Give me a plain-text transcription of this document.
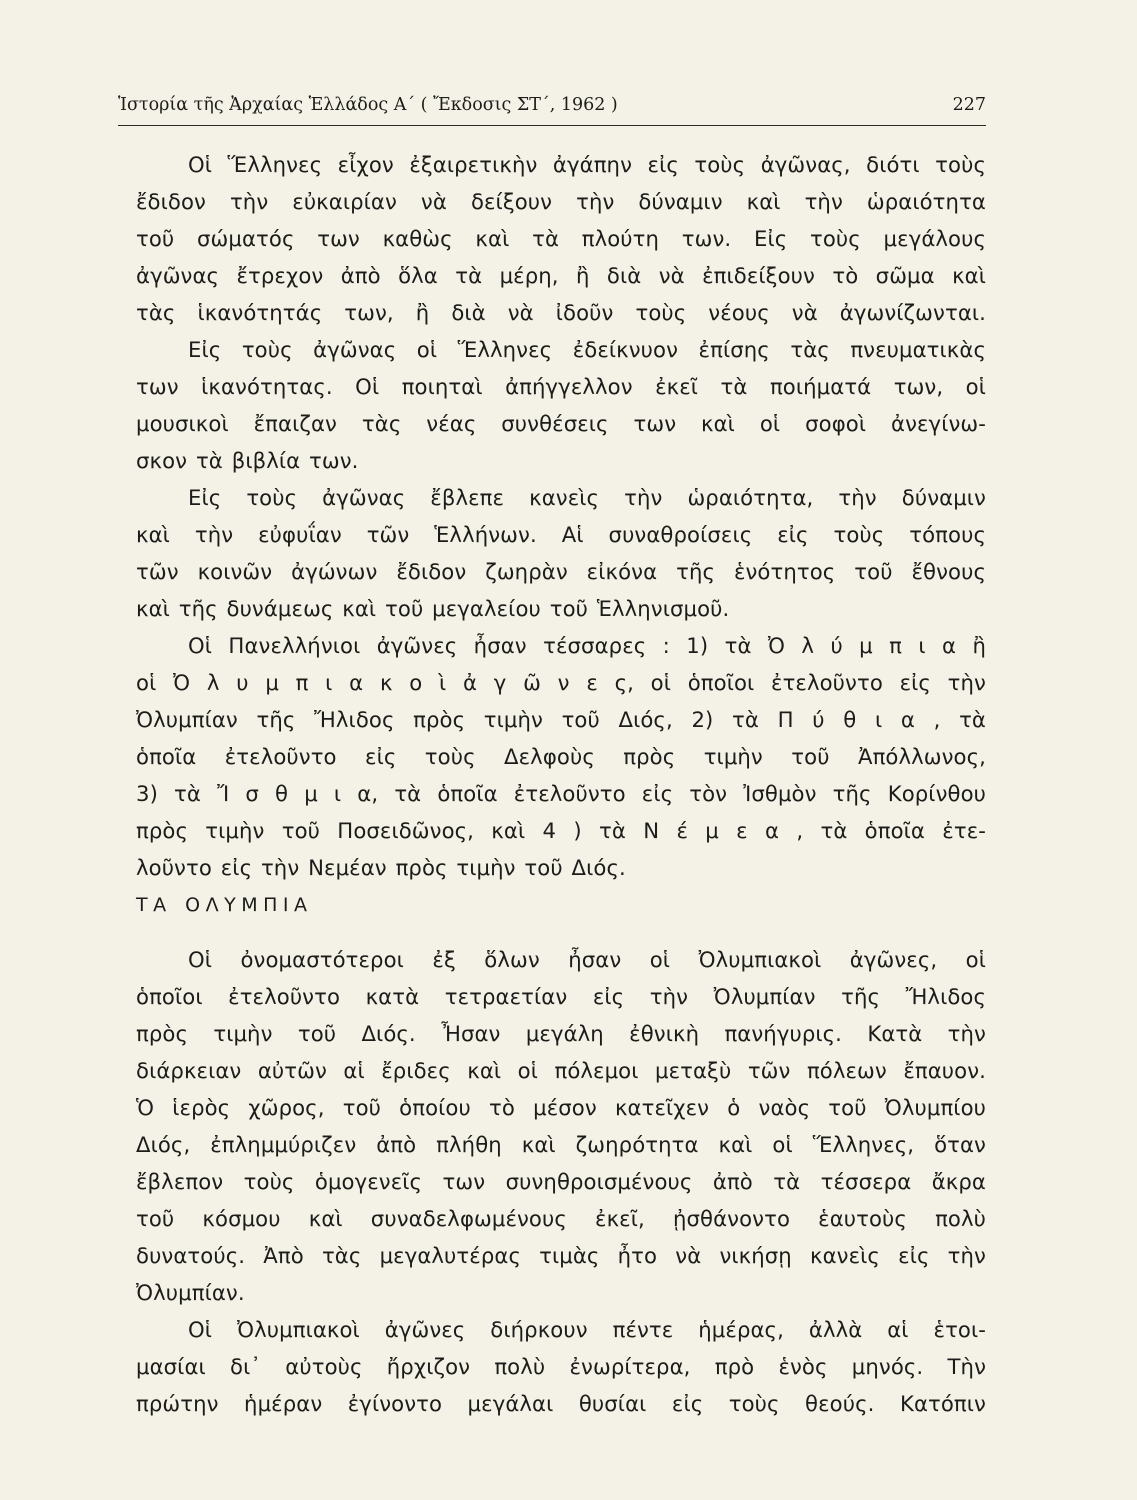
Ἱστορία τῆς Ἀρχαίας Ἑλλάδος Α΄ ( Ἔκδοσις ΣΤ΄, 1962 )	227
Οἱ Ἕλληνες εἶχον ἐξαιρετικὴν ἀγάπην εἰς τοὺς ἀγῶνας, διότι τοὺς
ἔδιδον τὴν εὐκαιρίαν νὰ δείξουν τὴν δύναμιν καὶ τὴν ὡραιότητα
τοῦ σώματός των καθὼς καὶ τὰ πλούτη των. Εἰς τοὺς μεγάλους
ἀγῶνας ἔτρεχον ἀπὸ ὅλα τὰ μέρη, ἢ διὰ νὰ ἐπιδείξουν τὸ σῶμα καὶ
τὰς ἱκανότητάς των, ἢ διὰ νὰ ἰδοῦν τοὺς νέους νὰ ἀγωνίζωνται.
Εἰς τοὺς ἀγῶνας οἱ Ἕλληνες ἐδείκνυον ἐπίσης τὰς πνευματικὰς
των ἱκανότητας. Οἱ ποιηταὶ ἀπήγγελλον ἐκεῖ τὰ ποιήματά των, οἱ
μουσικοὶ ἔπαιζαν τὰς νέας συνθέσεις των καὶ οἱ σοφοὶ ἀνεγίνω-
σκον τὰ βιβλία των.
Εἰς τοὺς ἀγῶνας ἔβλεπε κανεὶς τὴν ὡραιότητα, τὴν δύναμιν
καὶ τὴν εὐφυΐαν τῶν Ἑλλήνων. Αἱ συναθροίσεις εἰς τοὺς τόπους
τῶν κοινῶν ἀγώνων ἔδιδον ζωηρὰν εἰκόνα τῆς ἑνότητος τοῦ ἔθνους
καὶ τῆς δυνάμεως καὶ τοῦ μεγαλείου τοῦ Ἑλληνισμοῦ.
Οἱ Πανελλήνιοι ἀγῶνες ἦσαν τέσσαρες : 1) τὰ Ὀ λ ύ μ π ι α ἢ
οἱ Ὀ λ υ μ π ι α κ ο ὶ ἀ γ ῶ ν ε ς, οἱ ὁποῖοι ἐτελοῦντο εἰς τὴν
Ὀλυμπίαν τῆς Ἤλιδος πρὸς τιμὴν τοῦ Διός, 2) τὰ Π ύ θ ι α , τὰ
ὁποῖα ἐτελοῦντο εἰς τοὺς Δελφοὺς πρὸς τιμὴν τοῦ Ἀπόλλωνος,
3) τὰ Ἴ σ θ μ ι α, τὰ ὁποῖα ἐτελοῦντο εἰς τὸν Ἰσθμὸν τῆς Κορίνθου
πρὸς τιμὴν τοῦ Ποσειδῶνος, καὶ 4 ) τὰ Ν έ μ ε α , τὰ ὁποῖα ἐτε-
λοῦντο εἰς τὴν Νεμέαν πρὸς τιμὴν τοῦ Διός.
ΤΑ ΟΛΥΜΠΙΑ
Οἱ ὀνομαστότεροι ἐξ ὅλων ἦσαν οἱ Ὀλυμπιακοὶ ἀγῶνες, οἱ
ὁποῖοι ἐτελοῦντο κατὰ τετραετίαν εἰς τὴν Ὀλυμπίαν τῆς Ἤλιδος
πρὸς τιμὴν τοῦ Διός. Ἦσαν μεγάλη ἐθνικὴ πανήγυρις. Κατὰ τὴν
διάρκειαν αὐτῶν αἱ ἔριδες καὶ οἱ πόλεμοι μεταξὺ τῶν πόλεων ἔπαυον.
Ὁ ἱερὸς χῶρος, τοῦ ὁποίου τὸ μέσον κατεῖχεν ὁ ναὸς τοῦ Ὀλυμπίου
Διός, ἐπλημμύριζεν ἀπὸ πλήθη καὶ ζωηρότητα καὶ οἱ Ἕλληνες, ὅταν
ἔβλεπον τοὺς ὁμογενεῖς των συνηθροισμένους ἀπὸ τὰ τέσσερα ἄκρα
τοῦ κόσμου καὶ συναδελφωμένους ἐκεῖ, ᾐσθάνοντο ἑαυτοὺς πολὺ
δυνατούς. Ἀπὸ τὰς μεγαλυτέρας τιμὰς ἦτο νὰ νικήσῃ κανεὶς εἰς τὴν
Ὀλυμπίαν.
Οἱ Ὀλυμπιακοὶ ἀγῶνες διήρκουν πέντε ἡμέρας, ἀλλὰ αἱ ἑτοι-
μασίαι δι᾽ αὐτοὺς ἤρχιζον πολὺ ἐνωρίτερα, πρὸ ἑνὸς μηνός. Τὴν
πρώτην ἡμέραν ἐγίνοντο μεγάλαι θυσίαι εἰς τοὺς θεούς. Κατόπιν
